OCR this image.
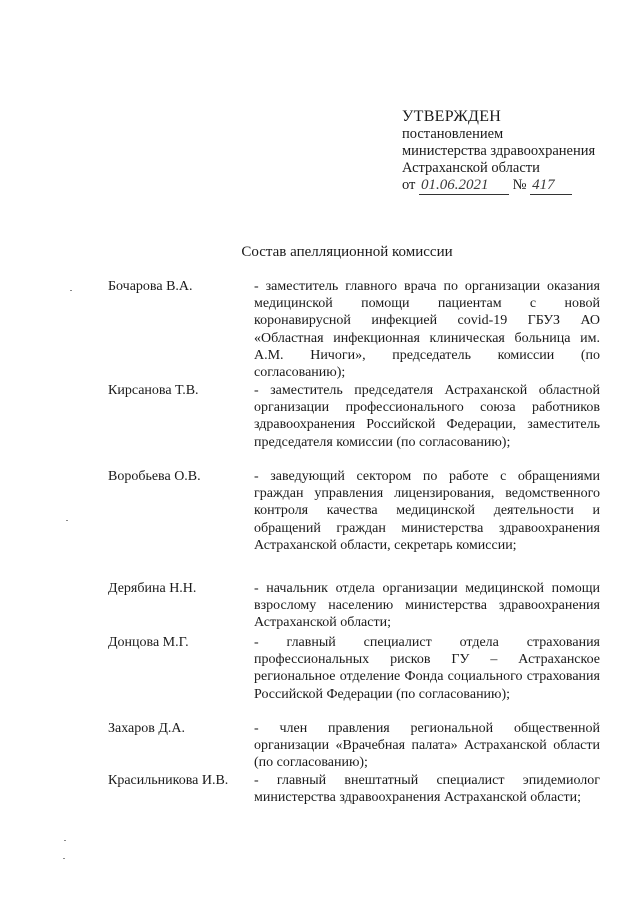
УТВЕРЖДЕН
постановлением
министерства здравоохранения
Астраханской области
от 01.06.2021 № 417
Состав апелляционной комиссии
Бочарова В.А.	- заместитель главного врача по организации оказания медицинской помощи пациентам с новой коронавирусной инфекцией covid-19 ГБУЗ АО «Областная инфекционная клиническая больница им. А.М. Ничоги», председатель комиссии (по согласованию);
Кирсанова Т.В.	- заместитель председателя Астраханской областной организации профессионального союза работников здравоохранения Российской Федерации, заместитель председателя комиссии (по согласованию);
Воробьева О.В.	- заведующий сектором по работе с обращениями граждан управления лицензирования, ведомственного контроля качества медицинской деятельности и обращений граждан министерства здравоохранения Астраханской области, секретарь комиссии;
Дерябина Н.Н.	- начальник отдела организации медицинской помощи взрослому населению министерства здравоохранения Астраханской области;
Донцова М.Г.	- главный специалист отдела страхования профессиональных рисков ГУ – Астраханское региональное отделение Фонда социального страхования Российской Федерации (по согласованию);
Захаров Д.А.	- член правления региональной общественной организации «Врачебная палата» Астраханской области (по согласованию);
Красильникова И.В.	- главный внештатный специалист эпидемиолог министерства здравоохранения Астраханской области;
